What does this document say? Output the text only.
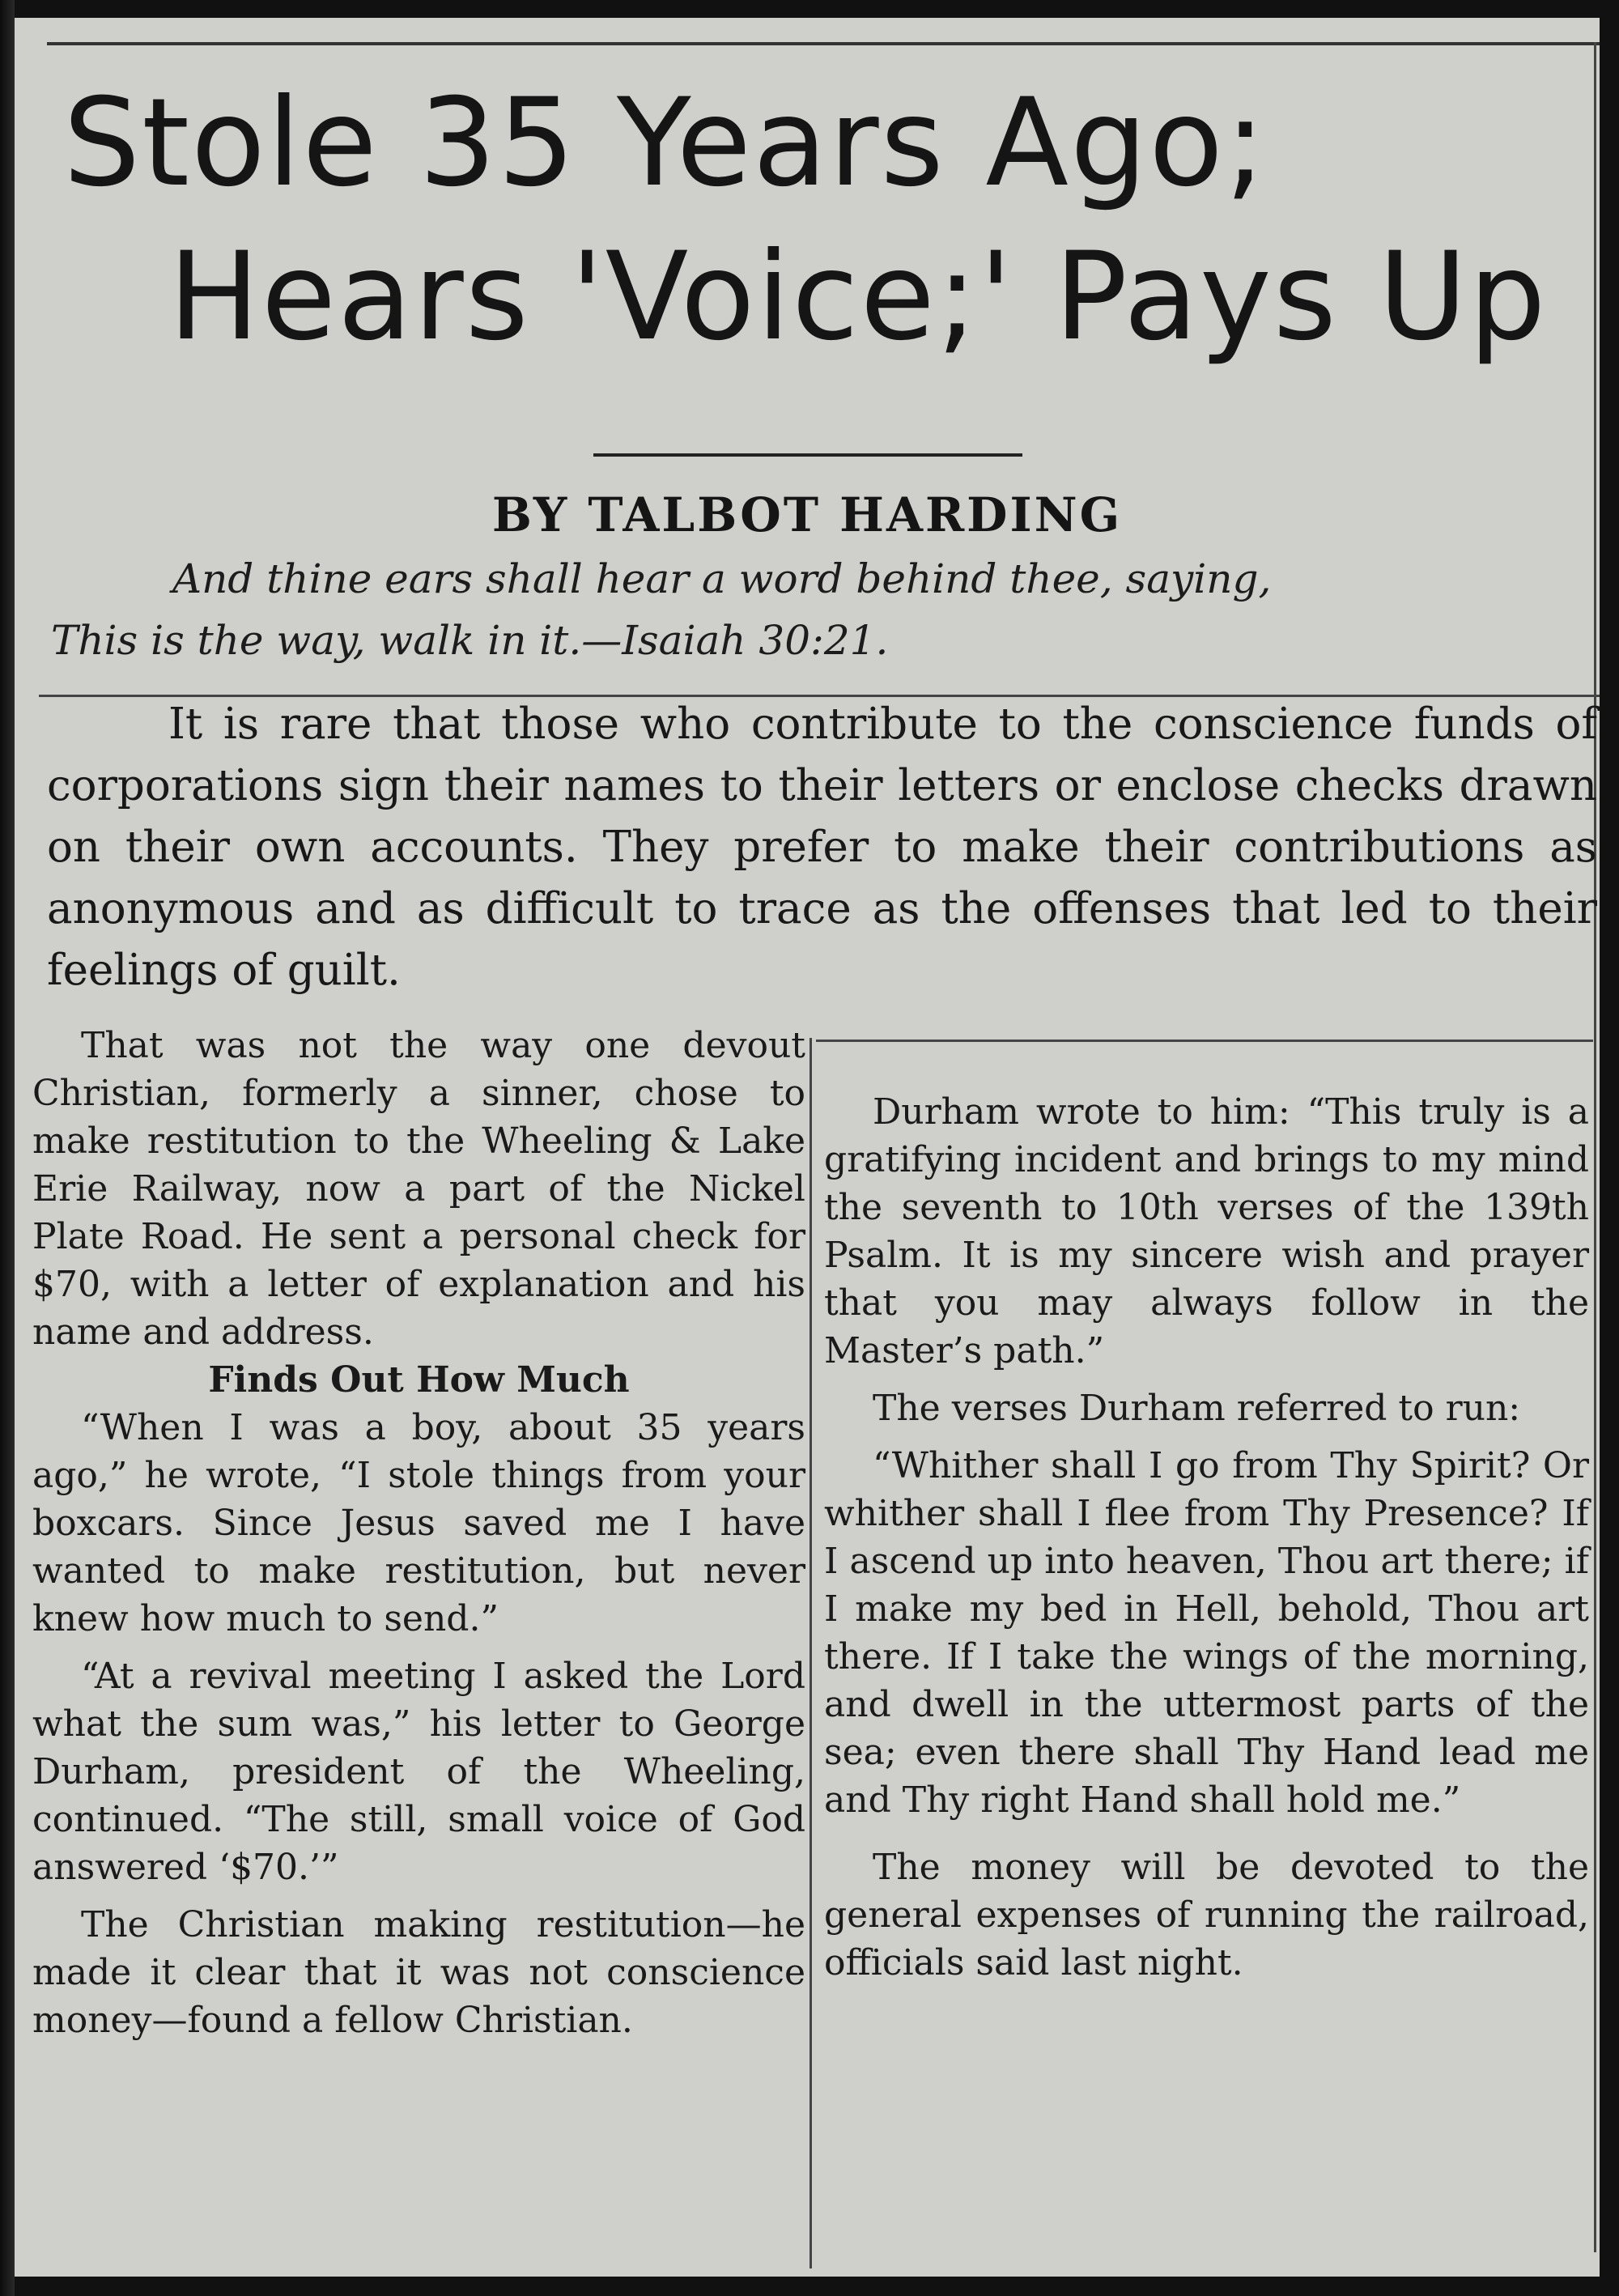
Stole 35 Years Ago;
Hears 'Voice;' Pays Up
BY TALBOT HARDING
And thine ears shall hear a word behind thee, saying,
This is the way, walk in it.—Isaiah 30:21.

It is rare that those who contribute to the conscience funds of corporations sign their names to their letters or enclose checks drawn on their own accounts. They prefer to make their contributions as anonymous and as difficult to trace as the offenses that led to their feelings of guilt.

That was not the way one devout Christian, formerly a sinner, chose to make restitution to the Wheeling & Lake Erie Railway, now a part of the Nickel Plate Road. He sent a personal check for $70, with a letter of explanation and his name and address.

Finds Out How Much

“When I was a boy, about 35 years ago,” he wrote, “I stole things from your boxcars. Since Jesus saved me I have wanted to make restitution, but never knew how much to send.”

“At a revival meeting I asked the Lord what the sum was,” his letter to George Durham, president of the Wheeling, continued. “The still, small voice of God answered ‘$70.’”

The Christian making restitution—he made it clear that it was not conscience money—found a fellow Christian.

Durham wrote to him: “This truly is a gratifying incident and brings to my mind the seventh to 10th verses of the 139th Psalm. It is my sincere wish and prayer that you may always follow in the Master’s path.”

The verses Durham referred to run:

“Whither shall I go from Thy Spirit? Or whither shall I flee from Thy Presence? If I ascend up into heaven, Thou art there; if I make my bed in Hell, behold, Thou art there. If I take the wings of the morning, and dwell in the uttermost parts of the sea; even there shall Thy Hand lead me and Thy right Hand shall hold me.”

The money will be devoted to the general expenses of running the railroad, officials said last night.
